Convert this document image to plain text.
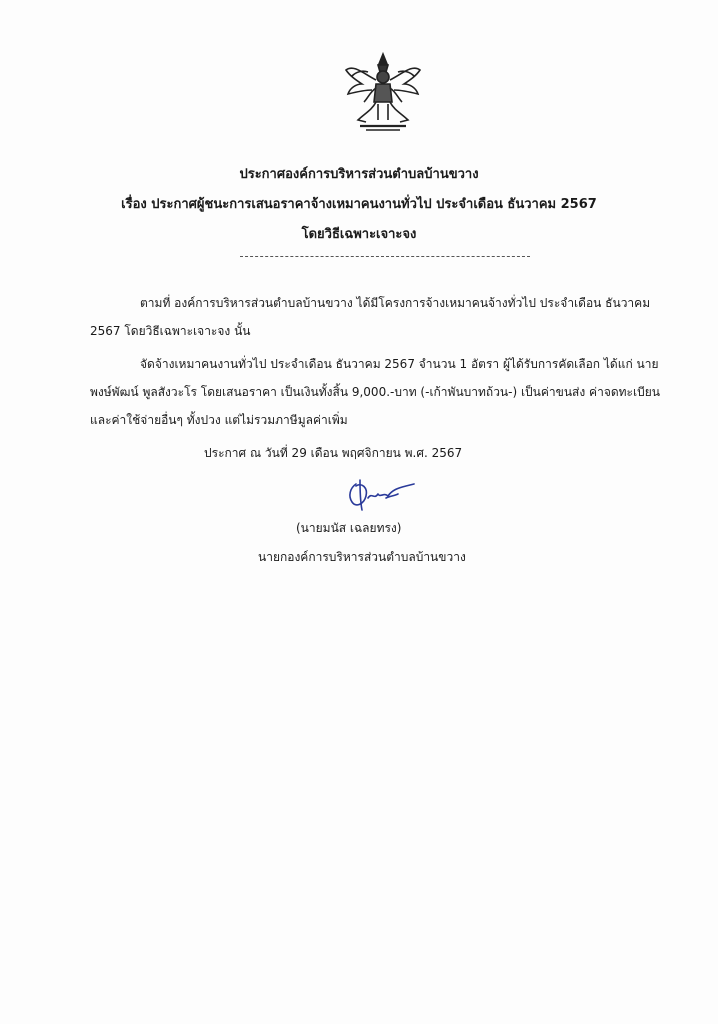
ประกาศองค์การบริหารส่วนตำบลบ้านขวาง
เรื่อง ประกาศผู้ชนะการเสนอราคาจ้างเหมาคนงานทั่วไป ประจำเดือน ธันวาคม 2567
โดยวิธีเฉพาะเจาะจง
ตามที่ องค์การบริหารส่วนตำบลบ้านขวาง ได้มีโครงการจ้างเหมาคนจ้างทั่วไป ประจำเดือน ธันวาคม
2567 โดยวิธีเฉพาะเจาะจง นั้น
จัดจ้างเหมาคนงานทั่วไป ประจำเดือน ธันวาคม 2567 จำนวน 1 อัตรา ผู้ได้รับการคัดเลือก ได้แก่ นาย
พงษ์พัฒน์ พูลสังวะโร โดยเสนอราคา เป็นเงินทั้งสิ้น 9,000.-บาท (-เก้าพันบาทถ้วน-) เป็นค่าขนส่ง ค่าจดทะเบียน
และค่าใช้จ่ายอื่นๆ ทั้งปวง แต่ไม่รวมภาษีมูลค่าเพิ่ม
ประกาศ ณ วันที่ 29 เดือน พฤศจิกายน พ.ศ. 2567
(นายมนัส เฉลยทรง)
นายกองค์การบริหารส่วนตำบลบ้านขวาง
